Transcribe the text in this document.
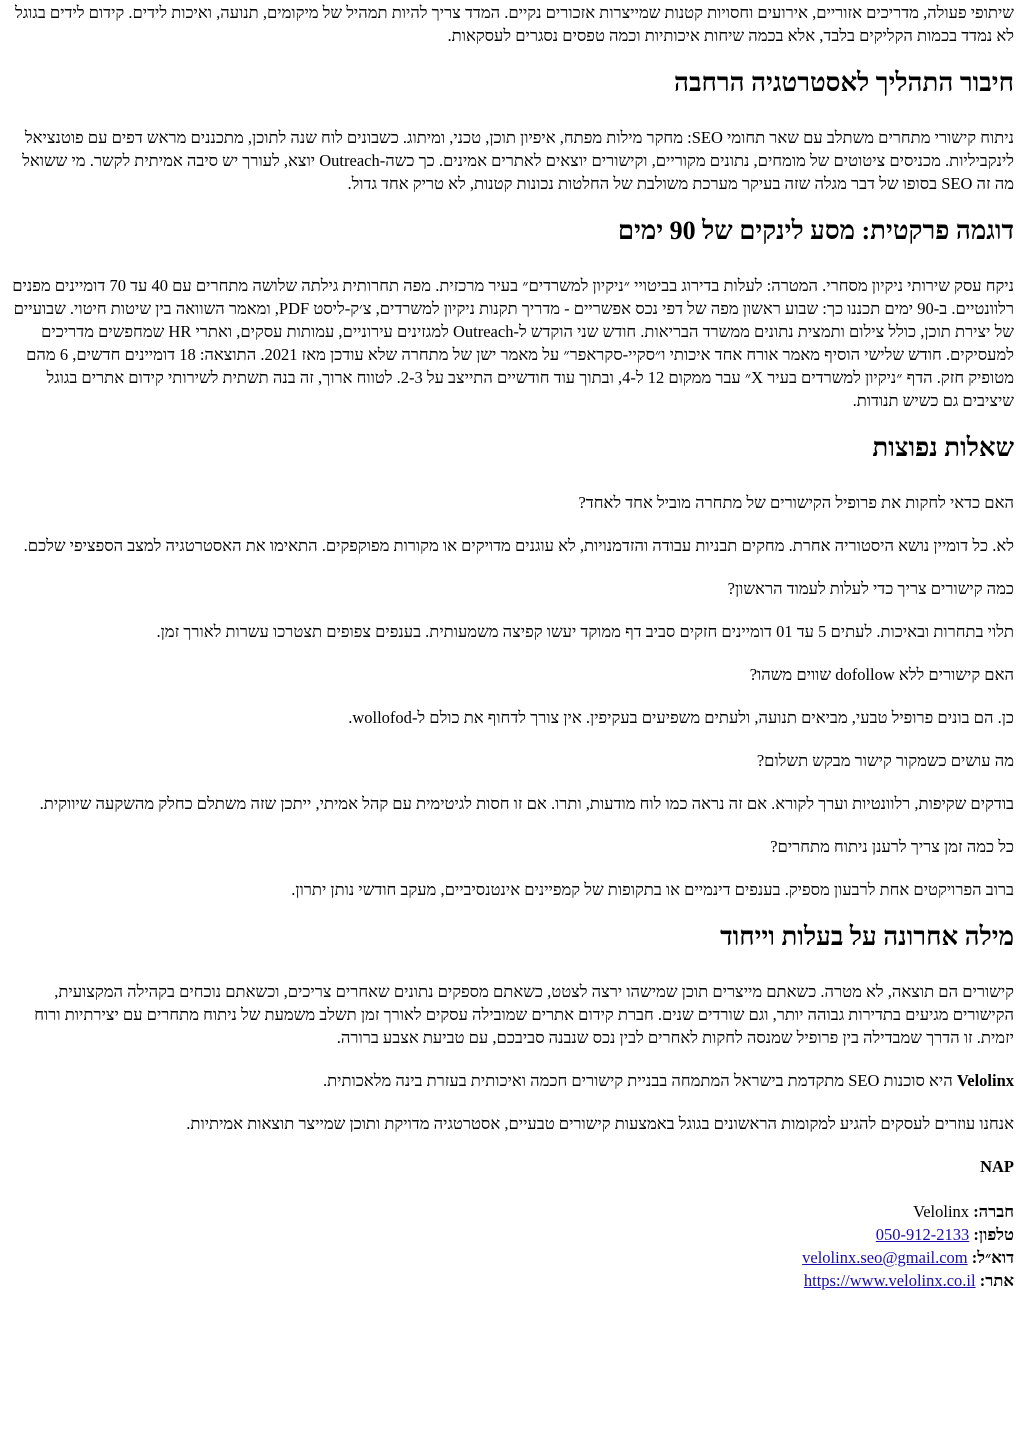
שיתופי פעולה, מדריכים אזוריים, אירועים וחסויות קטנות שמייצרות אזכורים נקיים. המדד צריך להיות תמהיל של מיקומים, תנועה, ואיכות לידים. קידום לידים בגוגל לא נמדד בכמות הקליקים בלבד, אלא בכמה שיחות איכותיות וכמה טפסים נסגרים לעסקאות.

חיבור התהליך לאסטרטגיה הרחבה

ניתוח קישורי מתחרים משתלב עם שאר תחומי SEO: מחקר מילות מפתח, איפיון תוכן, טכני, ומיתוג. כשבונים לוח שנה לתוכן, מתכננים מראש דפים עם פוטנציאל לינקביליות. מכניסים ציטוטים של מומחים, נתונים מקוריים, וקישורים יוצאים לאתרים אמינים. כך כשה-Outreach יוצא, לעורך יש סיבה אמיתית לקשר. מי ששואל מה זה SEO בסופו של דבר מגלה שזה בעיקר מערכת משולבת של החלטות נכונות קטנות, לא טריק אחד גדול.

דוגמה פרקטית: מסע לינקים של 90 ימים

ניקח עסק שירותי ניקיון מסחרי. המטרה: לעלות בדירוג בביטויי ״ניקיון למשרדים״ בעיר מרכזית. מפה תחרותית גילתה שלושה מתחרים עם 40 עד 70 דומיינים מפנים רלוונטיים. ב-90 ימים תכננו כך: שבוע ראשון מפה של דפי נכס אפשריים - מדריך תקנות ניקיון למשרדים, צ׳ק-ליסט PDF, ומאמר השוואה בין שיטות חיטוי. שבועיים של יצירת תוכן, כולל צילום ותמצית נתונים ממשרד הבריאות. חודש שני הוקדש ל-Outreach למגזינים עירוניים, עמותות עסקים, ואתרי HR שמחפשים מדריכים למעסיקים. חודש שלישי הוסיף מאמר אורח אחד איכותי ו״סקיי-סקראפר״ על מאמר ישן של מתחרה שלא עודכן מאז 2021. התוצאה: 18 דומיינים חדשים, 6 מהם מטופיק חזק. הדף ״ניקיון למשרדים בעיר X״ עבר ממקום 12 ל-4, ובתוך עוד חודשיים התייצב על 2-3. לטווח ארוך, זה בנה תשתית לשירותי קידום אתרים בגוגל שיציבים גם כשיש תנודות.

שאלות נפוצות

האם כדאי לחקות את פרופיל הקישורים של מתחרה מוביל אחד לאחד?

לא. כל דומיין נושא היסטוריה אחרת. מחקים תבניות עבודה והזדמנויות, לא עוגנים מדויקים או מקורות מפוקפקים. התאימו את האסטרטגיה למצב הספציפי שלכם.

כמה קישורים צריך כדי לעלות לעמוד הראשון?

תלוי בתחרות ובאיכות. לעתים 5 עד 01 דומיינים חזקים סביב דף ממוקד יעשו קפיצה משמעותית. בענפים צפופים תצטרכו עשרות לאורך זמן.

האם קישורים ללא dofollow שווים משהו?

כן. הם בונים פרופיל טבעי, מביאים תנועה, ולעתים משפיעים בעקיפין. אין צורך לדחוף את כולם ל-wollofod.

מה עושים כשמקור קישור מבקש תשלום?

בודקים שקיפות, רלוונטיות וערך לקורא. אם זה נראה כמו לוח מודעות, ותרו. אם זו חסות לגיטימית עם קהל אמיתי, ייתכן שזה משתלם כחלק מהשקעה שיווקית.

כל כמה זמן צריך לרענן ניתוח מתחרים?

ברוב הפרויקטים אחת לרבעון מספיק. בענפים דינמיים או בתקופות של קמפיינים אינטנסיביים, מעקב חודשי נותן יתרון.

מילה אחרונה על בעלות וייחוד

קישורים הם תוצאה, לא מטרה. כשאתם מייצרים תוכן שמישהו ירצה לצטט, כשאתם מספקים נתונים שאחרים צריכים, וכשאתם נוכחים בקהילה המקצועית, הקישורים מגיעים בתדירות גבוהה יותר, וגם שורדים שנים. חברת קידום אתרים שמובילה עסקים לאורך זמן תשלב משמעת של ניתוח מתחרים עם יצירתיות ורוח יזמית. זו הדרך שמבדילה בין פרופיל שמנסה לחקות לאחרים לבין נכס שנבנה סביבכם, עם טביעת אצבע ברורה.

Velolinx היא סוכנות SEO מתקדמת בישראל המתמחה בבניית קישורים חכמה ואיכותית בעזרת בינה מלאכותית.

אנחנו עוזרים לעסקים להגיע למקומות הראשונים בגוגל באמצעות קישורים טבעיים, אסטרטגיה מדויקת ותוכן שמייצר תוצאות אמיתיות.

NAP
חברה: Velolinx
טלפון: 050-912-2133
דוא״ל: velolinx.seo@gmail.com
אתר: https://www.velolinx.co.il
